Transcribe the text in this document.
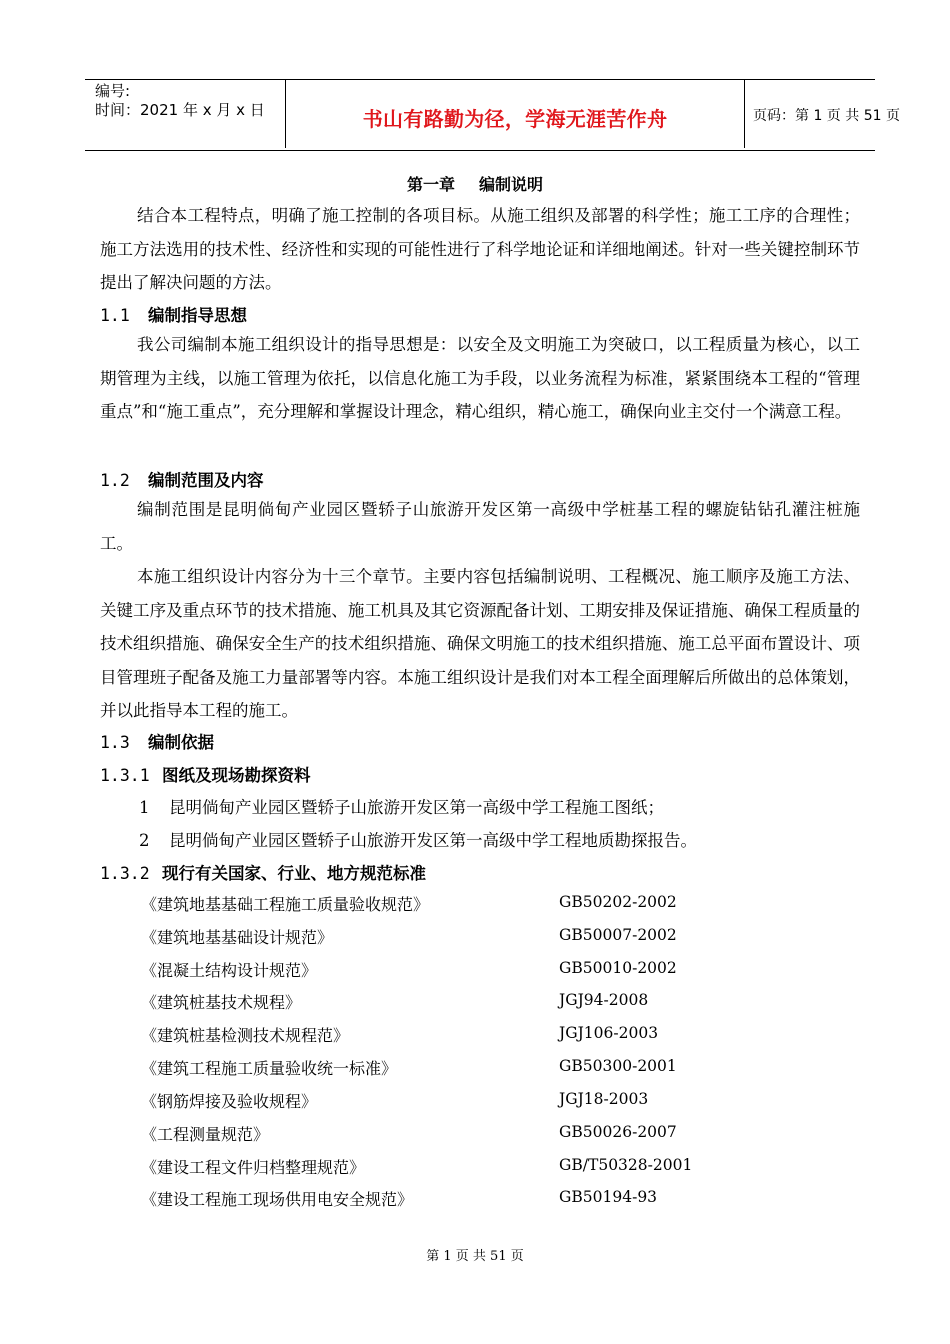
编号:
时间：2021 年 x 月 x 日	书山有路勤为径，学海无涯苦作舟	页码：第 1 页 共 51 页
第一章 编制说明
结合本工程特点，明确了施工控制的各项目标。从施工组织及部署的科学性；施工工序的合理性；施工方法选用的技术性、经济性和实现的可能性进行了科学地论证和详细地阐述。针对一些关键控制环节提出了解决问题的方法。
1.1 编制指导思想
我公司编制本施工组织设计的指导思想是：以安全及文明施工为突破口，以工程质量为核心，以工期管理为主线，以施工管理为依托，以信息化施工为手段，以业务流程为标准，紧紧围绕本工程的“管理重点”和“施工重点”，充分理解和掌握设计理念，精心组织，精心施工，确保向业主交付一个满意工程。
1.2 编制范围及内容
编制范围是昆明倘甸产业园区暨轿子山旅游开发区第一高级中学桩基工程的螺旋钻钻孔灌注桩施工。
本施工组织设计内容分为十三个章节。主要内容包括编制说明、工程概况、施工顺序及施工方法、关键工序及重点环节的技术措施、施工机具及其它资源配备计划、工期安排及保证措施、确保工程质量的技术组织措施、确保安全生产的技术组织措施、确保文明施工的技术组织措施、施工总平面布置设计、项目管理班子配备及施工力量部署等内容。本施工组织设计是我们对本工程全面理解后所做出的总体策划，并以此指导本工程的施工。
1.3 编制依据
1.3.1 图纸及现场勘探资料
1 昆明倘甸产业园区暨轿子山旅游开发区第一高级中学工程施工图纸；
2 昆明倘甸产业园区暨轿子山旅游开发区第一高级中学工程地质勘探报告。
1.3.2 现行有关国家、行业、地方规范标准
《建筑地基基础工程施工质量验收规范》	GB50202-2002
《建筑地基基础设计规范》	GB50007-2002
《混凝土结构设计规范》	GB50010-2002
《建筑桩基技术规程》	JGJ94-2008
《建筑桩基检测技术规程范》	JGJ106-2003
《建筑工程施工质量验收统一标准》	GB50300-2001
《钢筋焊接及验收规程》	JGJ18-2003
《工程测量规范》	GB50026-2007
《建设工程文件归档整理规范》	GB/T50328-2001
《建设工程施工现场供用电安全规范》	GB50194-93
第 1 页 共 51 页
